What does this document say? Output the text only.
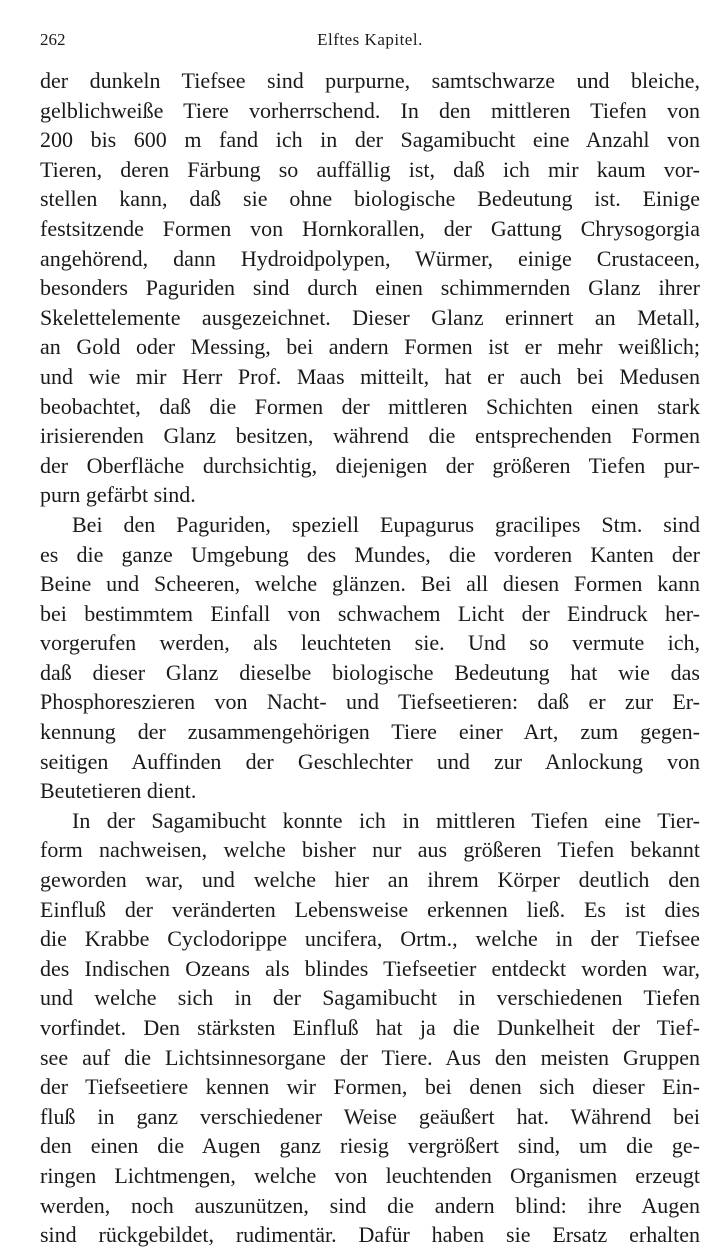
262	Elftes Kapitel.

der dunkeln Tiefsee sind purpurne, samtschwarze und bleiche,
gelblichweiße Tiere vorherrschend. In den mittleren Tiefen von
200 bis 600 m fand ich in der Sagamibucht eine Anzahl von
Tieren, deren Färbung so auffällig ist, daß ich mir kaum vor-
stellen kann, daß sie ohne biologische Bedeutung ist. Einige
festsitzende Formen von Hornkorallen, der Gattung Chrysogorgia
angehörend, dann Hydroidpolypen, Würmer, einige Crustaceen,
besonders Paguriden sind durch einen schimmernden Glanz ihrer
Skelettelemente ausgezeichnet. Dieser Glanz erinnert an Metall,
an Gold oder Messing, bei andern Formen ist er mehr weißlich;
und wie mir Herr Prof. Maas mitteilt, hat er auch bei Medusen
beobachtet, daß die Formen der mittleren Schichten einen stark
irisierenden Glanz besitzen, während die entsprechenden Formen
der Oberfläche durchsichtig, diejenigen der größeren Tiefen pur-
purn gefärbt sind.

Bei den Paguriden, speziell Eupagurus gracilipes Stm. sind
es die ganze Umgebung des Mundes, die vorderen Kanten der
Beine und Scheeren, welche glänzen. Bei all diesen Formen kann
bei bestimmtem Einfall von schwachem Licht der Eindruck her-
vorgerufen werden, als leuchteten sie. Und so vermute ich,
daß dieser Glanz dieselbe biologische Bedeutung hat wie das
Phosphoreszieren von Nacht- und Tiefseetieren: daß er zur Er-
kennung der zusammengehörigen Tiere einer Art, zum gegen-
seitigen Auffinden der Geschlechter und zur Anlockung von
Beutetieren dient.

In der Sagamibucht konnte ich in mittleren Tiefen eine Tier-
form nachweisen, welche bisher nur aus größeren Tiefen bekannt
geworden war, und welche hier an ihrem Körper deutlich den
Einfluß der veränderten Lebensweise erkennen ließ. Es ist dies
die Krabbe Cyclodorippe uncifera, Ortm., welche in der Tiefsee
des Indischen Ozeans als blindes Tiefseetier entdeckt worden war,
und welche sich in der Sagamibucht in verschiedenen Tiefen
vorfindet. Den stärksten Einfluß hat ja die Dunkelheit der Tief-
see auf die Lichtsinnesorgane der Tiere. Aus den meisten Gruppen
der Tiefseetiere kennen wir Formen, bei denen sich dieser Ein-
fluß in ganz verschiedener Weise geäußert hat. Während bei
den einen die Augen ganz riesig vergrößert sind, um die ge-
ringen Lichtmengen, welche von leuchtenden Organismen erzeugt
werden, noch auszunützen, sind die andern blind: ihre Augen
sind rückgebildet, rudimentär. Dafür haben sie Ersatz erhalten
